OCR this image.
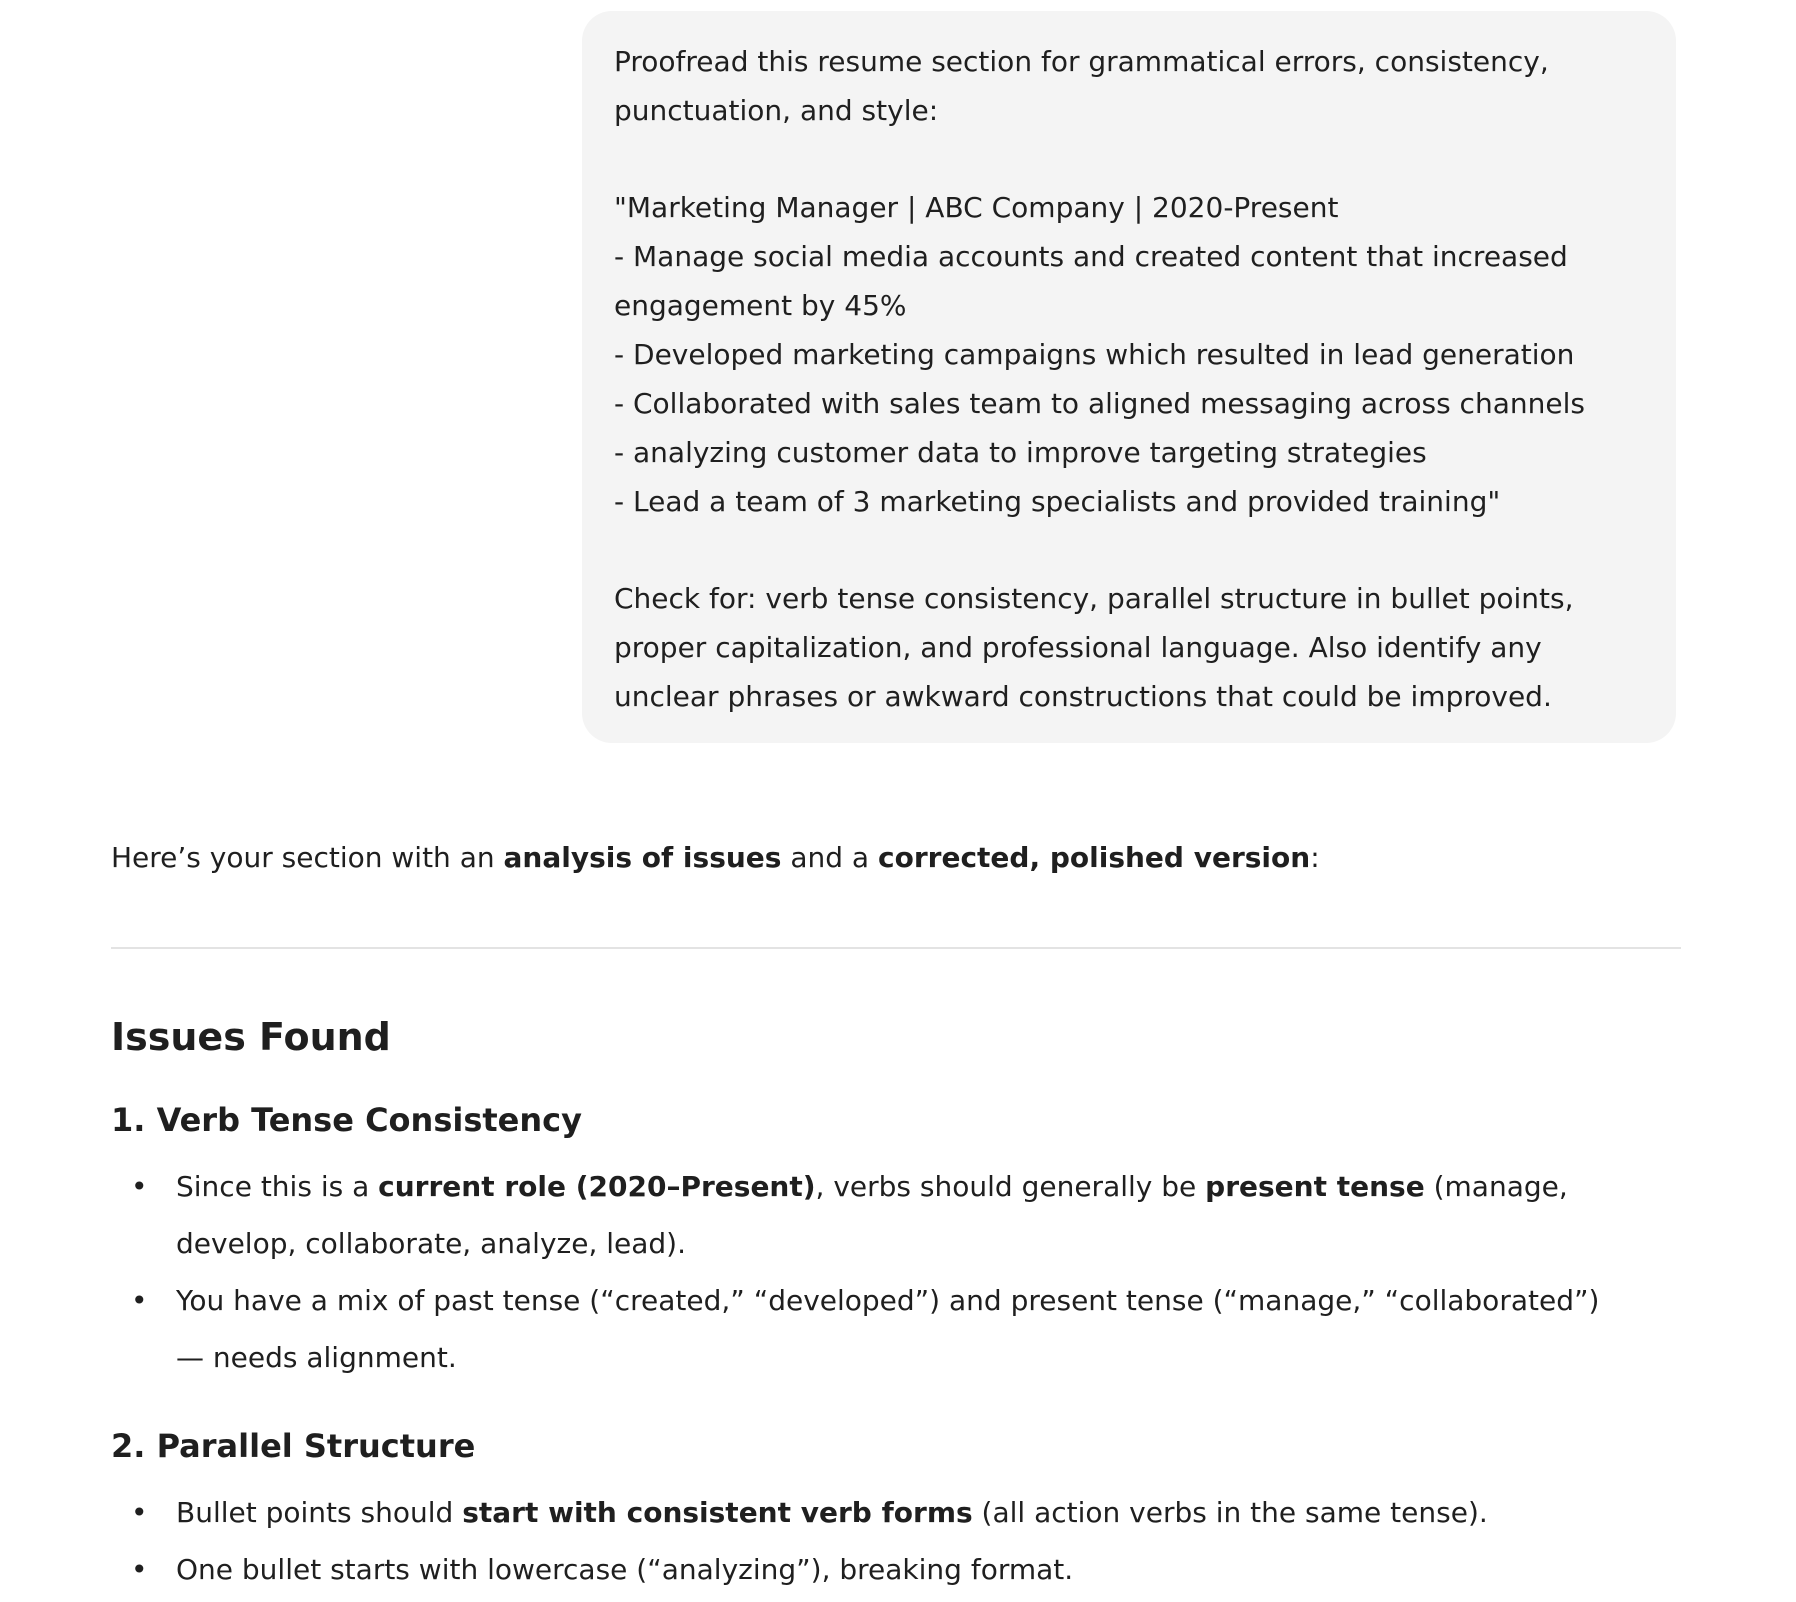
Proofread this resume section for grammatical errors, consistency,

punctuation, and style:

"Marketing Manager | ABC Company | 2020-Present

- Manage social media accounts and created content that increased

engagement by 45%

- Developed marketing campaigns which resulted in lead generation

- Collaborated with sales team to aligned messaging across channels

- analyzing customer data to improve targeting strategies

- Lead a team of 3 marketing specialists and provided training"

Check for: verb tense consistency, parallel structure in bullet points,

proper capitalization, and professional language. Also identify any

unclear phrases or awkward constructions that could be improved.

Here’s your section with an analysis of issues and a corrected, polished version:
Issues Found
1. Verb Tense Consistency
• Since this is a current role (2020–Present), verbs should generally be present tense (manage,
develop, collaborate, analyze, lead).
• You have a mix of past tense (“created,” “developed”) and present tense (“manage,” “collaborated”)
— needs alignment.
2. Parallel Structure
• Bullet points should start with consistent verb forms (all action verbs in the same tense).
• One bullet starts with lowercase (“analyzing”), breaking format.
